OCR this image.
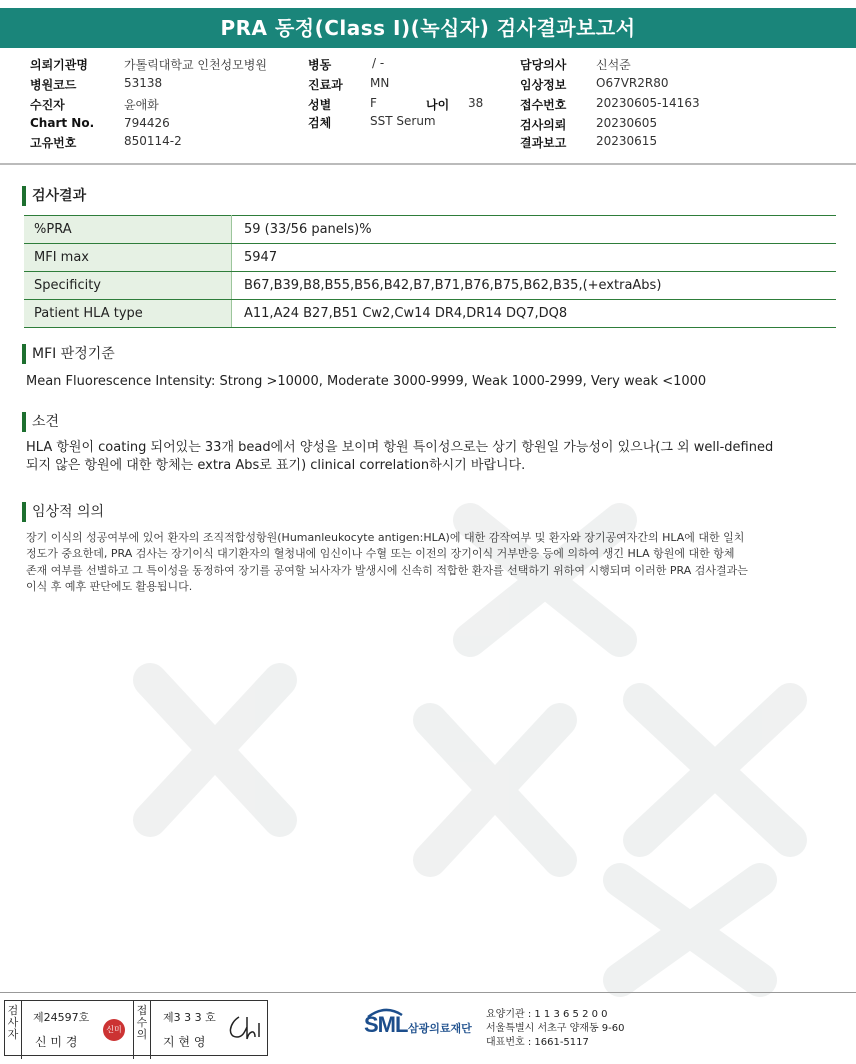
PRA 동정(Class I)(녹십자) 검사결과보고서
의뢰기관명	가톨릭대학교 인천성모병원
병원코드	53138
수진자	윤애화
Chart No. 794426
고유번호	850114-2
병동	/ -
진료과 MN
성별	F	나이 38
검체	SST Serum
담당의사 신석준
임상정보 O67VR2R80
접수번호 20230605-14163
검사의뢰 20230605
결과보고 20230615
검사결과
%PRA	59 (33/56 panels)%
MFI max	5947
Specificity	B67,B39,B8,B55,B56,B42,B7,B71,B76,B75,B62,B35,(+extraAbs)
Patient HLA type	A11,A24 B27,B51 Cw2,Cw14 DR4,DR14 DQ7,DQ8
MFI 판정기준
Mean Fluorescence Intensity: Strong >10000, Moderate 3000-9999, Weak 1000-2999, Very weak <1000
소견
HLA 항원이 coating 되어있는 33개 bead에서 양성을 보이며 항원 특이성으로는 상기 항원일 가능성이 있으나(그 외 well-defined
되지 않은 항원에 대한 항체는 extra Abs로 표기) clinical correlation하시기 바랍니다.
임상적 의의
장기 이식의 성공여부에 있어 환자의 조직적합성항원(Humanleukocyte antigen:HLA)에 대한 감작여부 및 환자와 장기공여자간의 HLA에 대한 일치
정도가 중요한데, PRA 검사는 장기이식 대기환자의 혈청내에 임신이나 수혈 또는 이전의 장기이식 거부반응 등에 의하여 생긴 HLA 항원에 대한 항체
존재 여부를 선별하고 그 특이성을 동정하여 장기를 공여할 뇌사자가 발생시에 신속히 적합한 환자를 선택하기 위하여 시행되며 이러한 PRA 검사결과는
이식 후 예후 판단에도 활용됩니다.
검사자
제24597호
신 미 경
신미경
접수의
제3 3 3 호
지 현 영
SML 삼광의료재단
요양기관 : 1 1 3 6 5 2 0 0
서울특별시 서초구 양재동 9-60
대표번호 : 1661-5117
